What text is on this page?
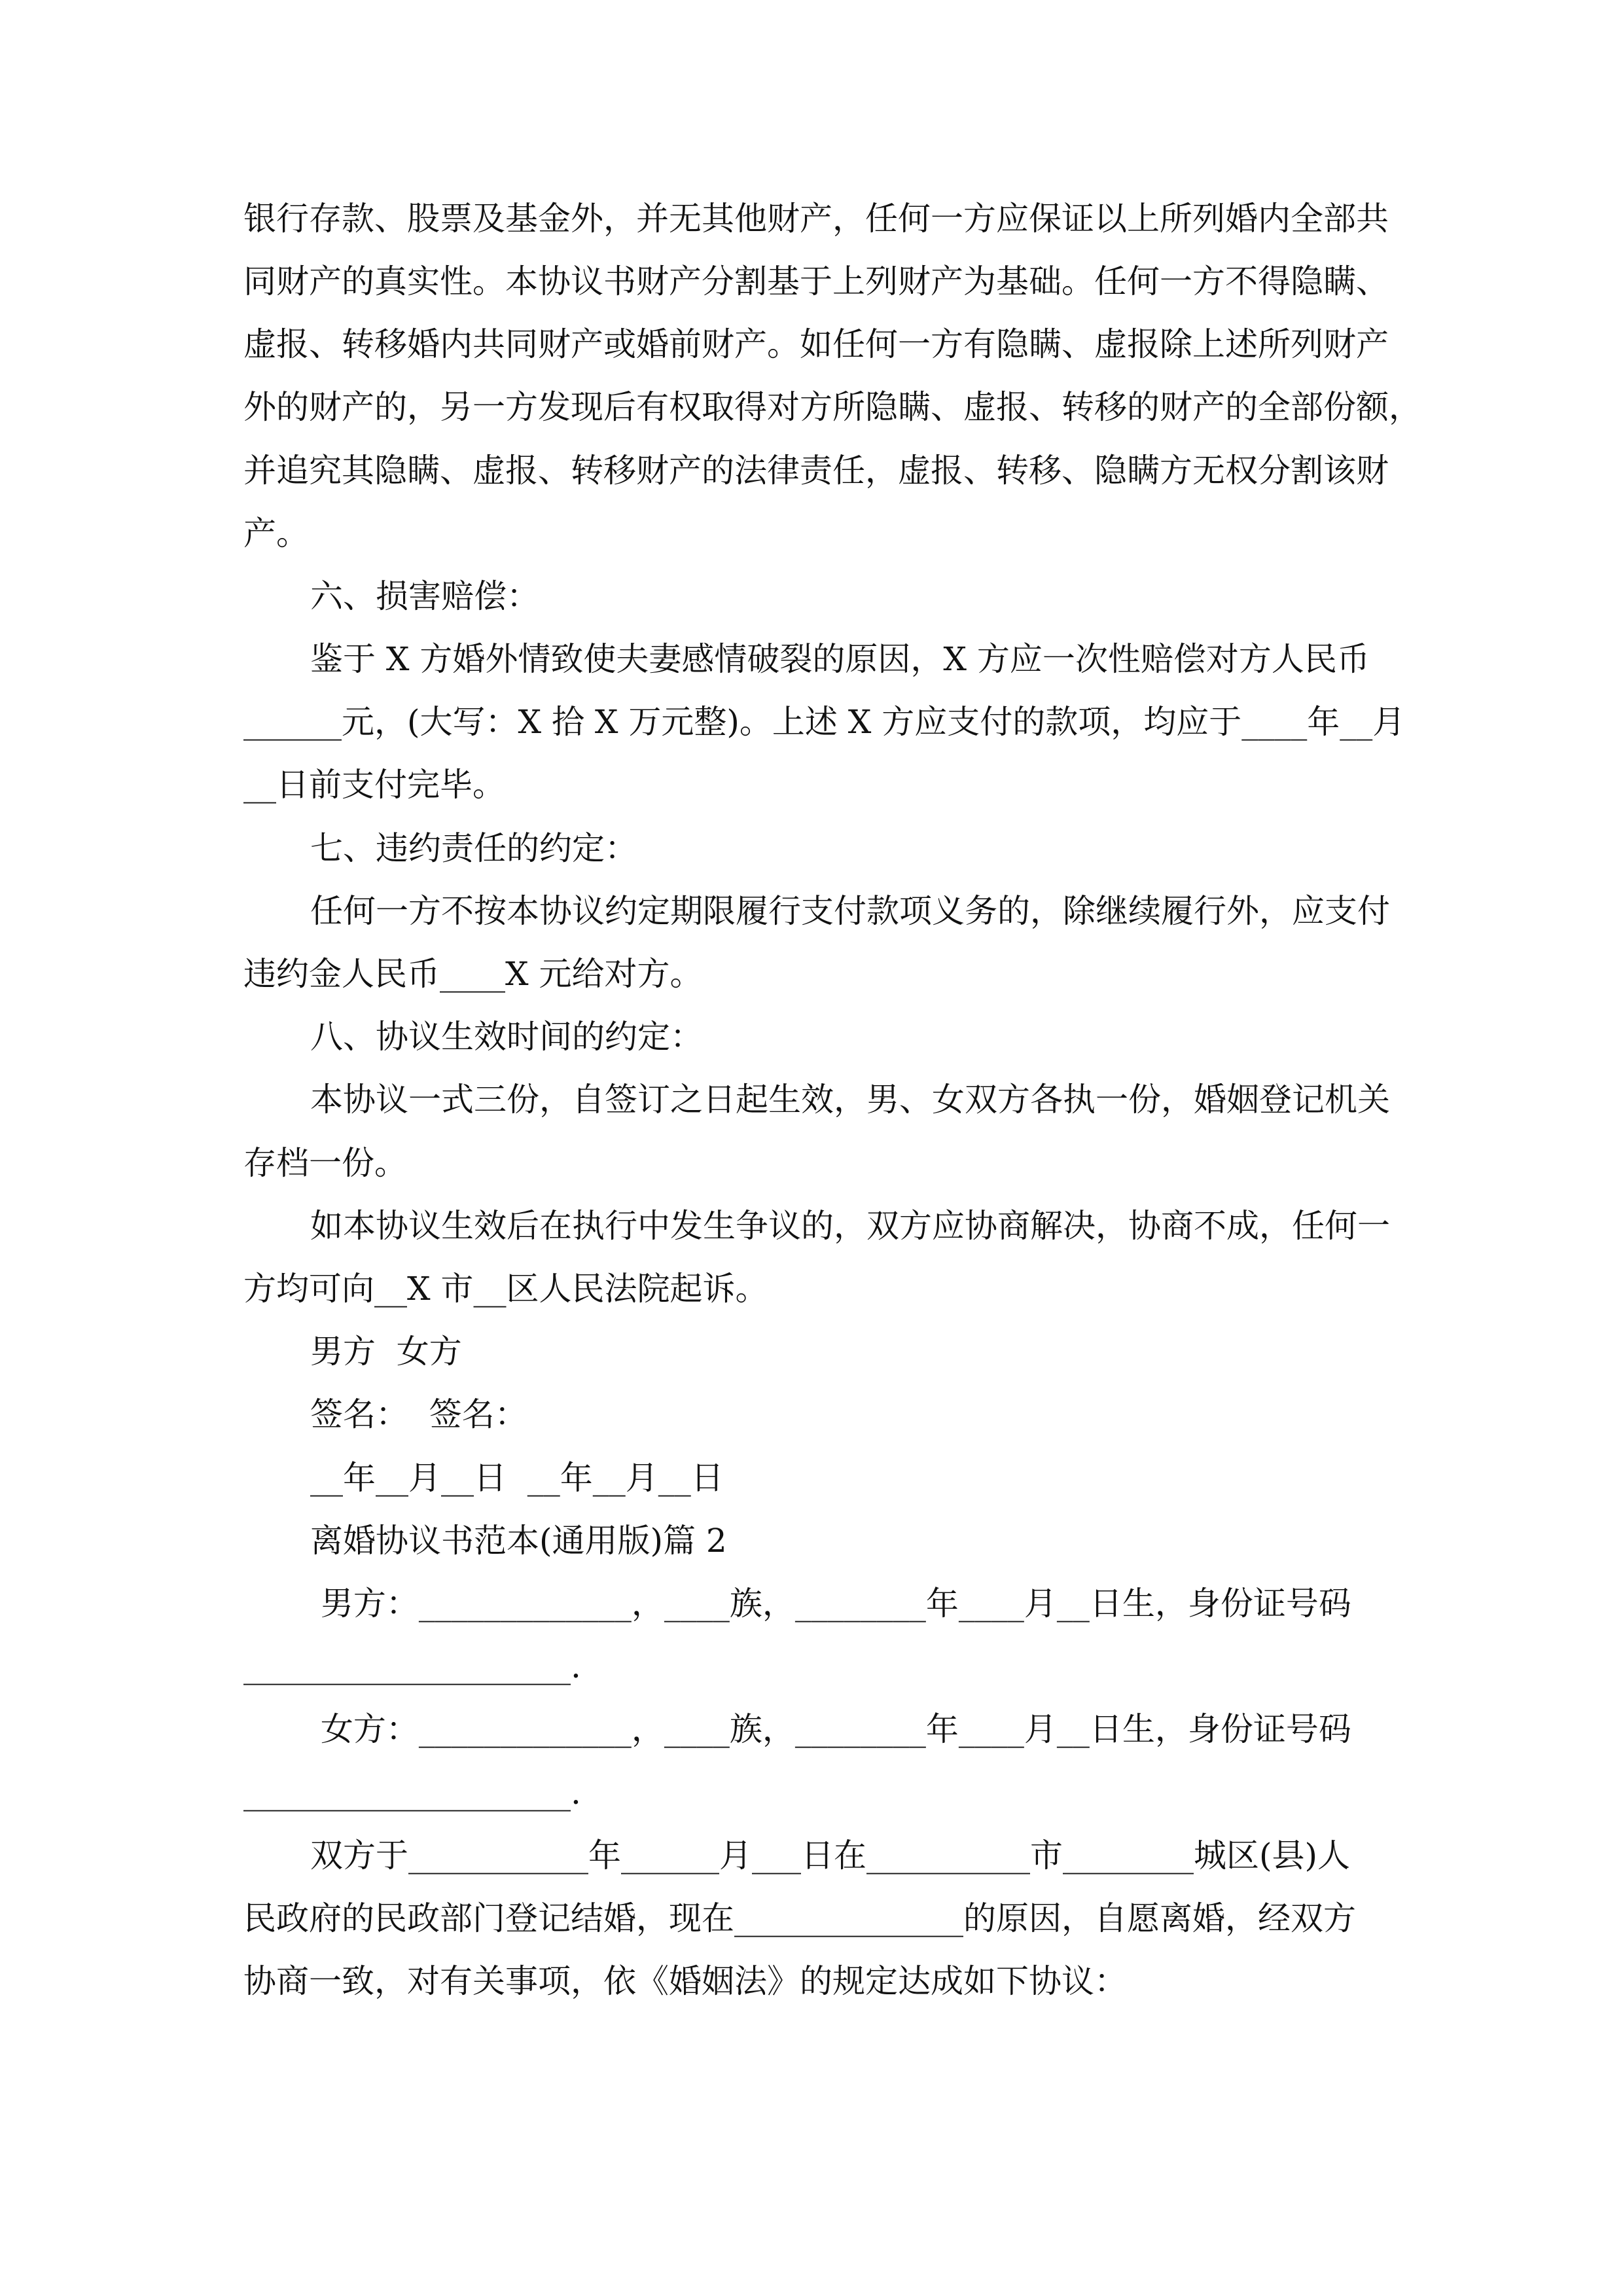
银行存款、股票及基金外，并无其他财产，任何一方应保证以上所列婚内全部共

同财产的真实性。本协议书财产分割基于上列财产为基础。任何一方不得隐瞒、

虚报、转移婚内共同财产或婚前财产。如任何一方有隐瞒、虚报除上述所列财产

外的财产的，另一方发现后有权取得对方所隐瞒、虚报、转移的财产的全部份额，

并追究其隐瞒、虚报、转移财产的法律责任，虚报、转移、隐瞒方无权分割该财

产。

六、损害赔偿：

鉴于 X 方婚外情致使夫妻感情破裂的原因，X 方应一次性赔偿对方人民币

______元，(大写：X 拾 X 万元整)。上述 X 方应支付的款项，均应于____年__月

__日前支付完毕。

七、违约责任的约定：

任何一方不按本协议约定期限履行支付款项义务的，除继续履行外，应支付

违约金人民币____X 元给对方。

八、协议生效时间的约定：

本协议一式三份，自签订之日起生效，男、女双方各执一份，婚姻登记机关

存档一份。

如本协议生效后在执行中发生争议的，双方应协商解决，协商不成，任何一

方均可向__X 市__区人民法院起诉。

男方  女方

签名：  签名：

__年__月__日  __年__月__日

离婚协议书范本(通用版)篇 2

男方：_____________，____族，________年____月__日生，身份证号码

____________________.

女方：_____________，____族，________年____月__日生，身份证号码

____________________.

双方于___________年______月___日在__________市________城区(县)人

民政府的民政部门登记结婚，现在______________的原因，自愿离婚，经双方

协商一致，对有关事项，依《婚姻法》的规定达成如下协议：
